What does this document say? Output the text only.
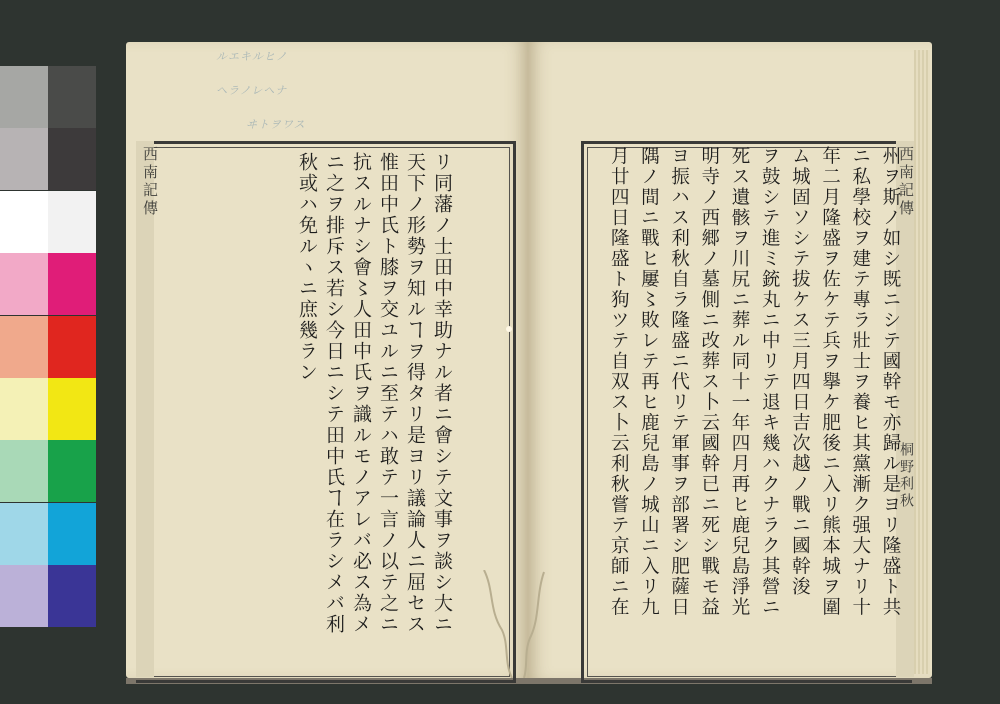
ルエキルヒノ
ヘラノレヘナ
ヰトヲワス
西南記傳	西南記傳
桐野利秋

リ同藩ノ士田中幸助ナル者ニ會シテ文事ヲ談シ大ニ
天下ノ形勢ヲ知ルヿヲ得タリ是ヨリ議論人ニ屈セス
惟田中氏ト膝ヲ交ユルニ至テハ敢テ一言ノ以テ之ニ
抗スルナシ會〻人田中氏ヲ識ルモノアレバ必ス為メ
ニ之ヲ排斥ス若シ今日ニシテ田中氏ヿ在ラシメバ利
秋或ハ免ルヽニ庶幾ラン	州ヲ斯ノ如シ既ニシテ國幹モ亦歸ル是ヨリ隆盛ト共
ニ私學校ヲ建テ專ラ壯士ヲ養ヒ其黨漸ク强大ナリ十
年二月隆盛ヲ佐ケテ兵ヲ擧ケ肥後ニ入リ熊本城ヲ圍
ム城固ソシテ拔ケス三月四日吉次越ノ戰ニ國幹浚
ヲ鼓シテ進ミ銃丸ニ中リテ退キ幾ハクナラク其營ニ
死ス遺骸ヲ川尻ニ葬ル同十一年四月再ヒ鹿兒島淨光
明寺ノ西郷ノ墓側ニ改葬ス卜云國幹已ニ死シ戰モ益
ヨ振ハス利秋自ラ隆盛ニ代リテ軍事ヲ部署シ肥薩日
隅ノ間ニ戰ヒ屢〻敗レテ再ヒ鹿兒島ノ城山ニ入リ九
月廿四日隆盛ト狗ツテ自双ス卜云利秋嘗テ京師ニ在
